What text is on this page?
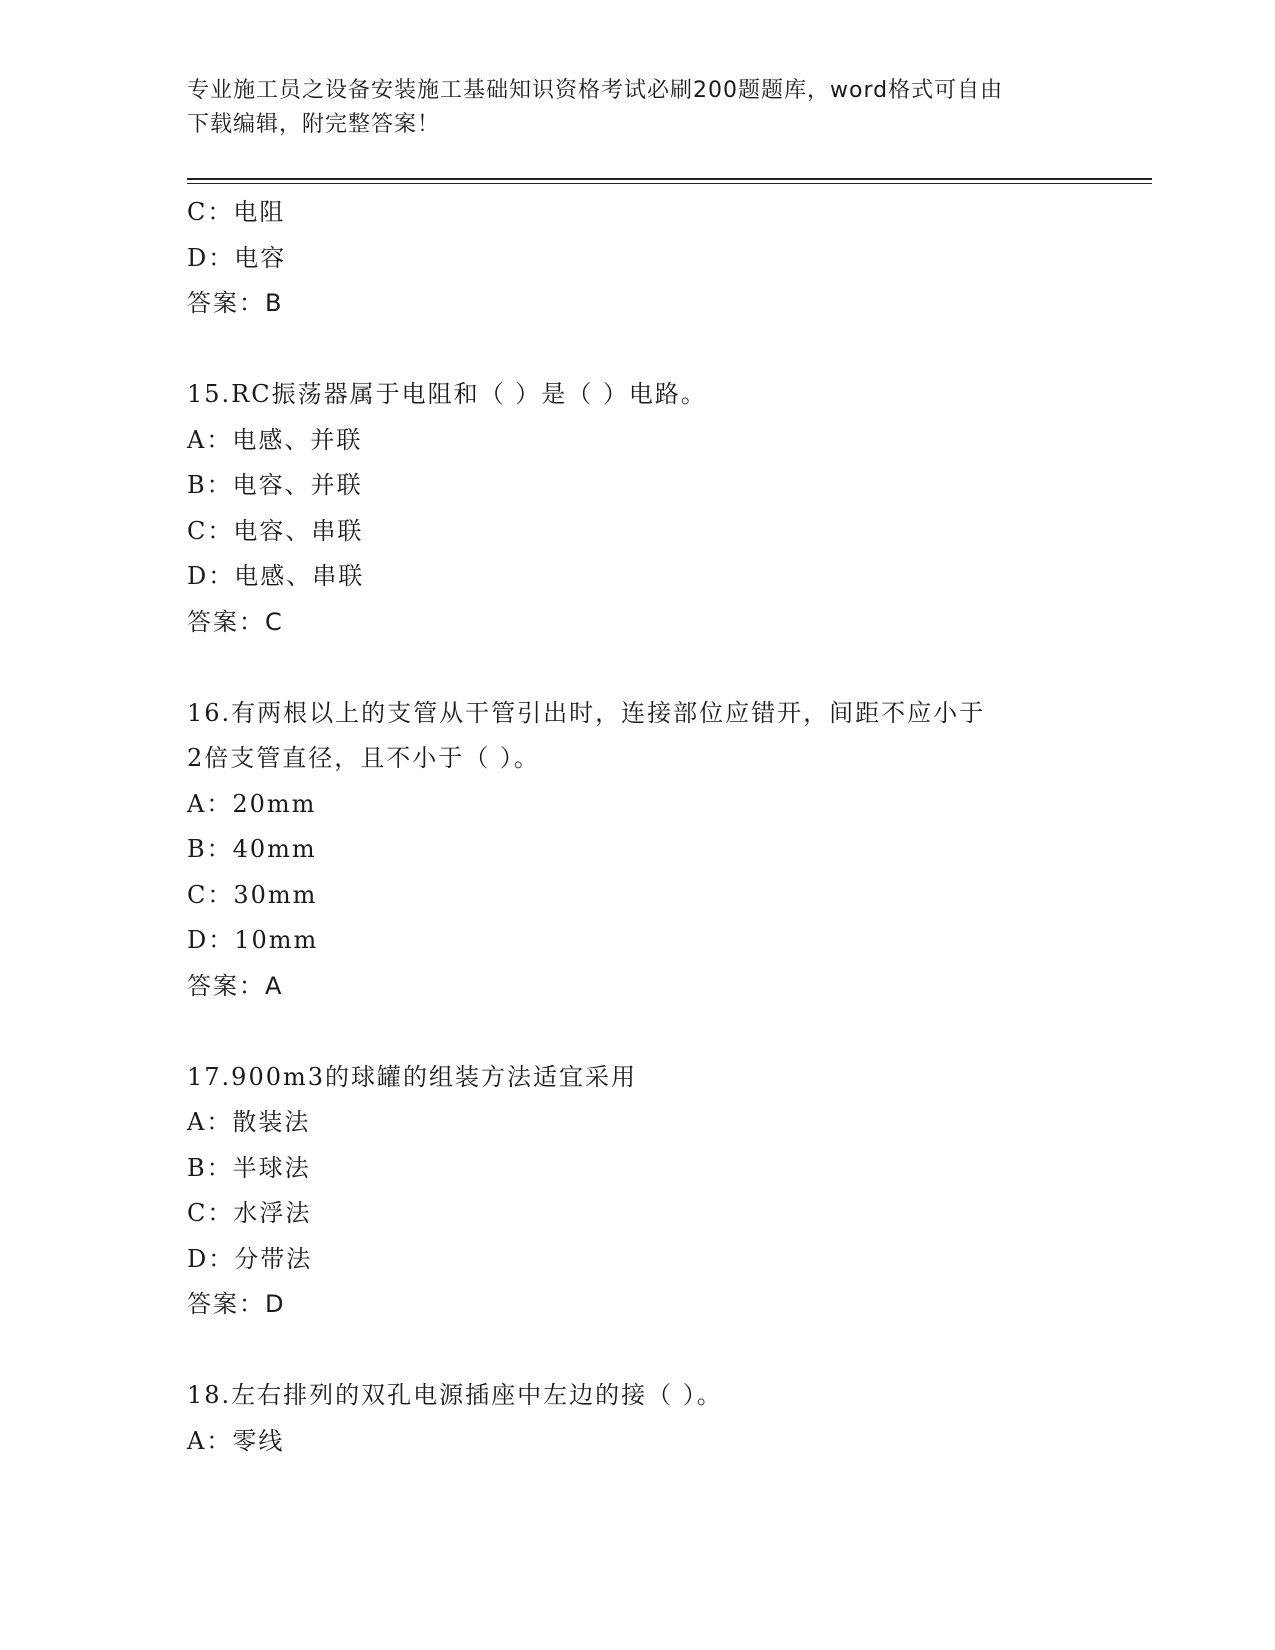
专业施工员之设备安装施工基础知识资格考试必刷200题题库，word格式可自由
下载编辑，附完整答案！
C：电阻
D：电容
答案：B
15.RC振荡器属于电阻和（ ）是（ ）电路。
A：电感、并联
B：电容、并联
C：电容、串联
D：电感、串联
答案：C
16.有两根以上的支管从干管引出时，连接部位应错开，间距不应小于
2倍支管直径，且不小于（ ）。
A：20mm
B：40mm
C：30mm
D：10mm
答案：A
17.900m3的球罐的组装方法适宜采用
A：散装法
B：半球法
C：水浮法
D：分带法
答案：D
18.左右排列的双孔电源插座中左边的接（ ）。
A：零线
